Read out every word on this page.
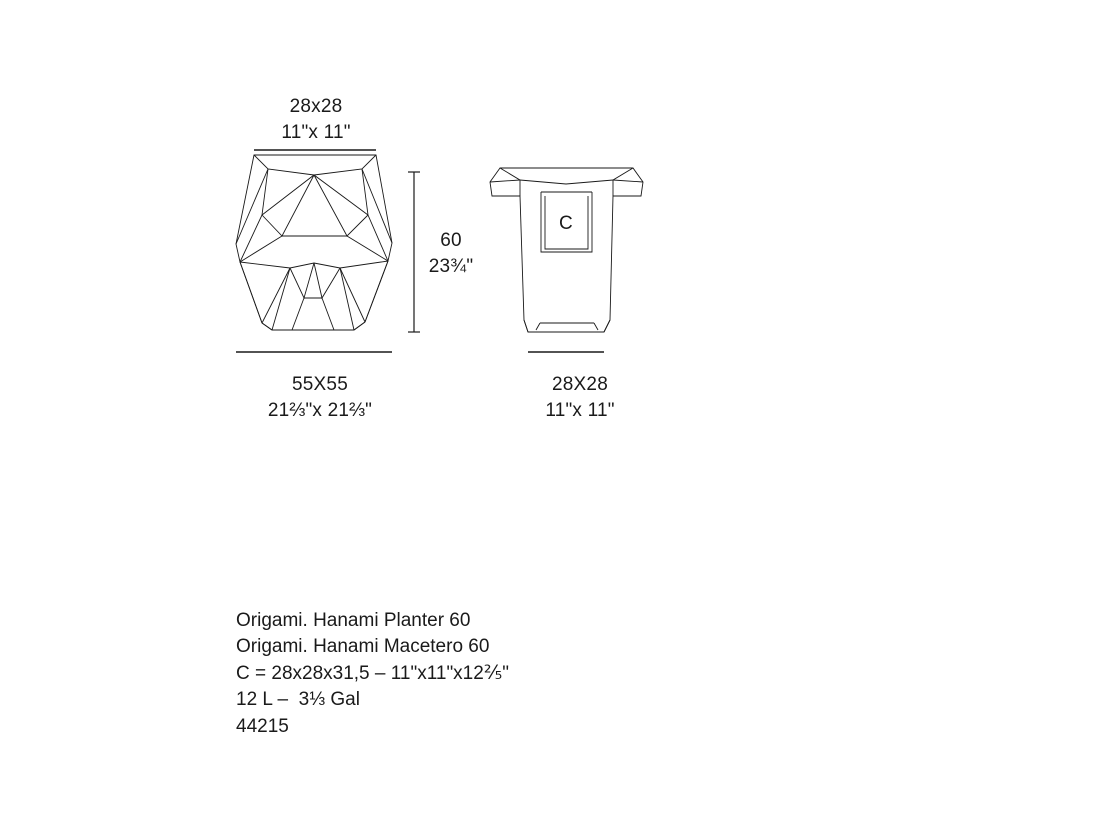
28x28
11"x 11"
55X55
21⅔"x 21⅔"
60
23¾"
C
28X28
11"x 11"
Origami. Hanami Planter 60
Origami. Hanami Macetero 60
C = 28x28x31,5 – 11"x11"x12⅖"
12 L –  3⅓ Gal
44215
